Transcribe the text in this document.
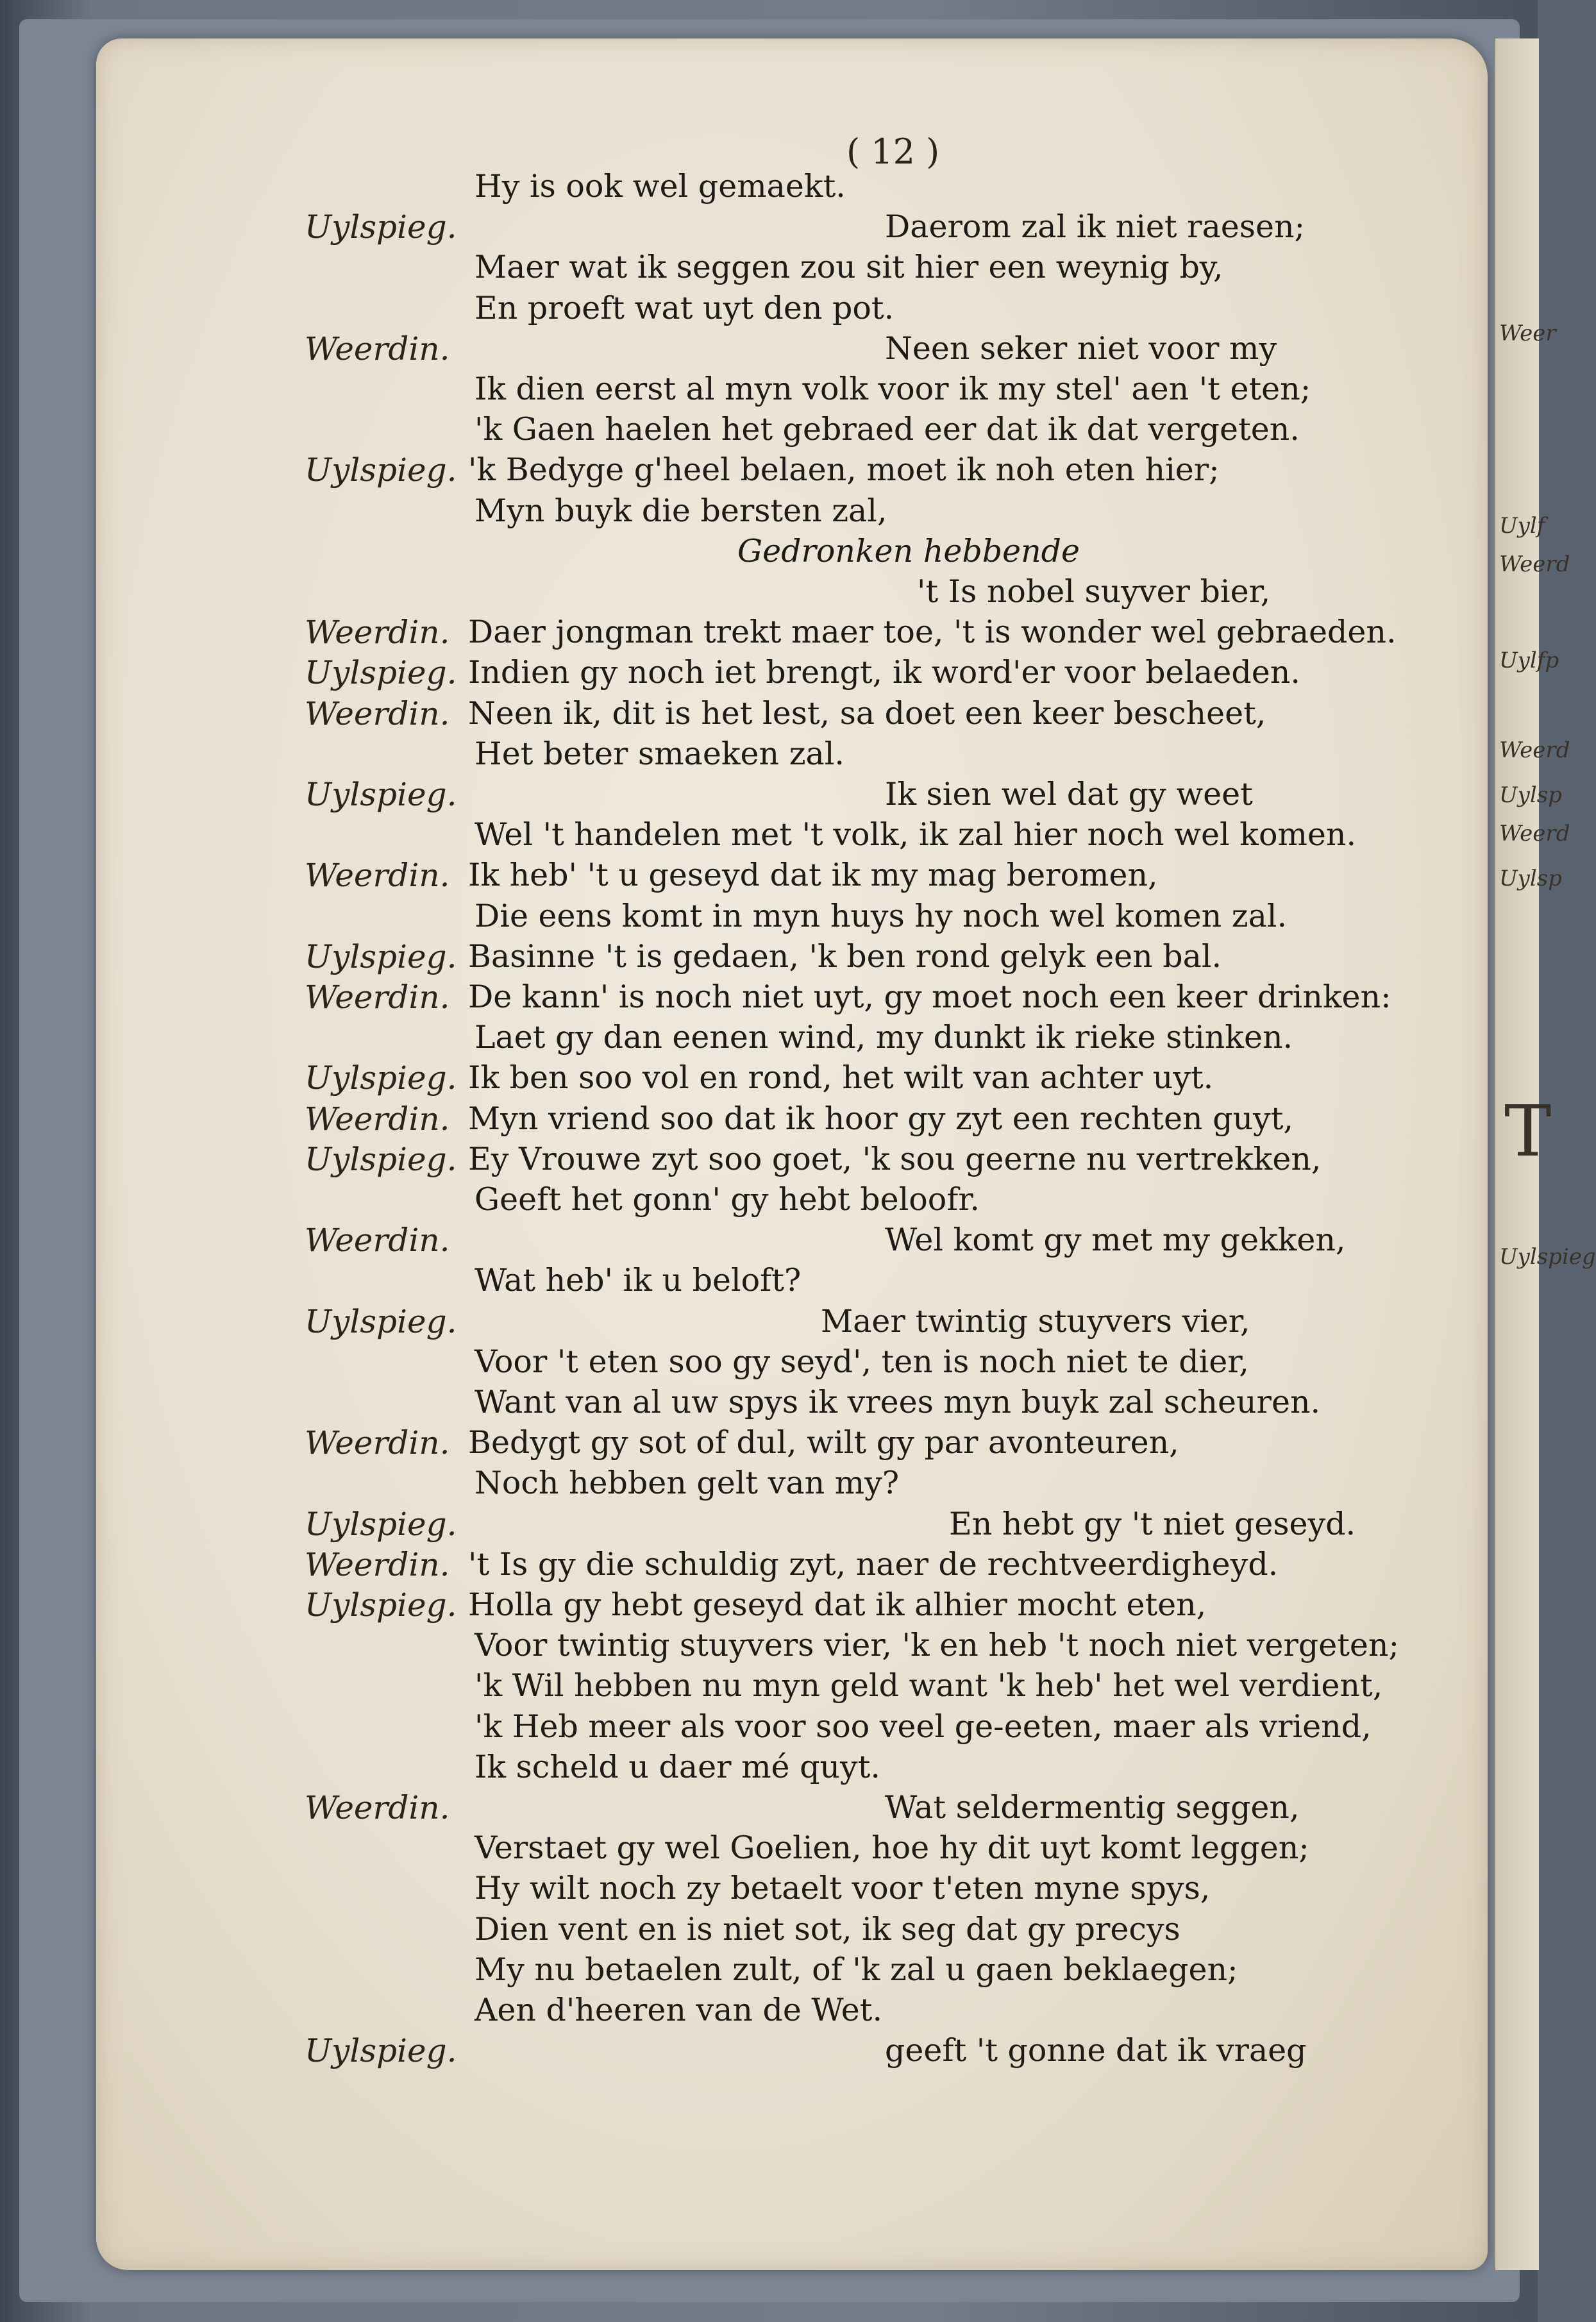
Weer
Uylf
Weerd
Uylfp
Weerd
Uylsp
Weerd
Uylsp
T
Uylspieg
( 12 )
Hy is ook wel gemaekt.
Uylspieg.	Daerom zal ik niet raesen;
Maer wat ik seggen zou sit hier een weynig by,
En proeft wat uyt den pot.
Weerdin.	Neen seker niet voor my
Ik dien eerst al myn volk voor ik my stel' aen 't eten;
'k Gaen haelen het gebraed eer dat ik dat vergeten.
Uylspieg. 'k Bedyge g'heel belaen, moet ik noh eten hier;
Myn buyk die bersten zal,
Gedronken hebbende
't Is nobel suyver bier,
Weerdin. Daer jongman trekt maer toe, 't is wonder wel gebraeden.
Uylspieg. Indien gy noch iet brengt, ik word'er voor belaeden.
Weerdin. Neen ik, dit is het lest, sa doet een keer bescheet,
Het beter smaeken zal.
Uylspieg.	Ik sien wel dat gy weet
Wel 't handelen met 't volk, ik zal hier noch wel komen.
Weerdin. Ik heb' 't u geseyd dat ik my mag beromen,
Die eens komt in myn huys hy noch wel komen zal.
Uylspieg. Basinne 't is gedaen, 'k ben rond gelyk een bal.
Weerdin. De kann' is noch niet uyt, gy moet noch een keer drinken:
Laet gy dan eenen wind, my dunkt ik rieke stinken.
Uylspieg. Ik ben soo vol en rond, het wilt van achter uyt.
Weerdin. Myn vriend soo dat ik hoor gy zyt een rechten guyt,
Uylspieg. Ey Vrouwe zyt soo goet, 'k sou geerne nu vertrekken,
Geeft het gonn' gy hebt beloofr.
Weerdin.	Wel komt gy met my gekken,
Wat heb' ik u beloft?
Uylspieg.	Maer twintig stuyvers vier,
Voor 't eten soo gy seyd', ten is noch niet te dier,
Want van al uw spys ik vrees myn buyk zal scheuren.
Weerdin. Bedygt gy sot of dul, wilt gy par avonteuren,
Noch hebben gelt van my?
Uylspieg.	En hebt gy 't niet geseyd.
Weerdin. 't Is gy die schuldig zyt, naer de rechtveerdigheyd.
Uylspieg. Holla gy hebt geseyd dat ik alhier mocht eten,
Voor twintig stuyvers vier, 'k en heb 't noch niet vergeten;
'k Wil hebben nu myn geld want 'k heb' het wel verdient,
'k Heb meer als voor soo veel ge-eeten, maer als vriend,
Ik scheld u daer mé quyt.
Weerdin.	Wat seldermentig seggen,
Verstaet gy wel Goelien, hoe hy dit uyt komt leggen;
Hy wilt noch zy betaelt voor t'eten myne spys,
Dien vent en is niet sot, ik seg dat gy precys
My nu betaelen zult, of 'k zal u gaen beklaegen;
Aen d'heeren van de Wet.
Uylspieg.	geeft 't gonne dat ik vraeg
